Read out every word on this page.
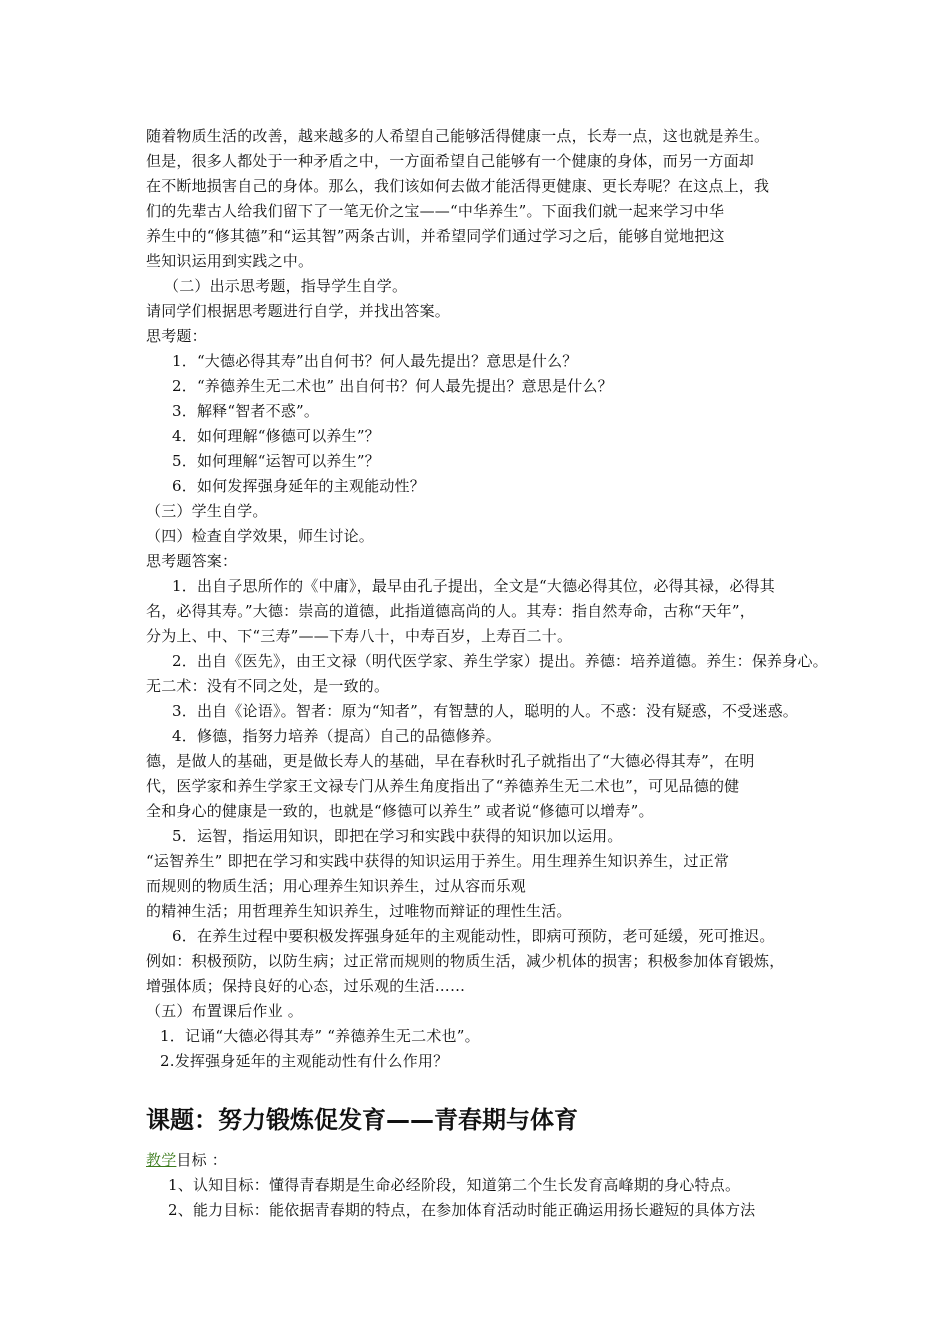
随着物质生活的改善，越来越多的人希望自己能够活得健康一点，长寿一点，这也就是养生。
但是，很多人都处于一种矛盾之中，一方面希望自己能够有一个健康的身体，而另一方面却
在不断地损害自己的身体。那么，我们该如何去做才能活得更健康、更长寿呢？在这点上，我
们的先辈古人给我们留下了一笔无价之宝——“中华养生”。下面我们就一起来学习中华
养生中的“修其德”和“运其智”两条古训，并希望同学们通过学习之后，能够自觉地把这
些知识运用到实践之中。
（二）出示思考题，指导学生自学。
请同学们根据思考题进行自学，并找出答案。
思考题：
1．“大德必得其寿”出自何书？何人最先提出？意思是什么？
2．“养德养生无二术也” 出自何书？何人最先提出？意思是什么？
3．解释“智者不惑”。
4．如何理解“修德可以养生”？
5．如何理解“运智可以养生”？
6．如何发挥强身延年的主观能动性？
（三）学生自学。
（四）检查自学效果，师生讨论。
思考题答案：
1．出自子思所作的《中庸》，最早由孔子提出，全文是“大德必得其位，必得其禄，必得其
名，必得其寿。”大德：崇高的道德，此指道德高尚的人。其寿：指自然寿命，古称“天年”，
分为上、中、下“三寿”——下寿八十，中寿百岁，上寿百二十。
2．出自《医先》，由王文禄（明代医学家、养生学家）提出。养德：培养道德。养生：保养身心。
无二术：没有不同之处，是一致的。
3．出自《论语》。智者：原为“知者”，有智慧的人，聪明的人。不惑：没有疑惑，不受迷惑。
4．修德，指努力培养（提高）自己的品德修养。
德，是做人的基础，更是做长寿人的基础，早在春秋时孔子就指出了“大德必得其寿”，在明
代，医学家和养生学家王文禄专门从养生角度指出了“养德养生无二术也”，可见品德的健
全和身心的健康是一致的，也就是“修德可以养生” 或者说“修德可以增寿”。
5．运智，指运用知识，即把在学习和实践中获得的知识加以运用。
“运智养生” 即把在学习和实践中获得的知识运用于养生。用生理养生知识养生，过正常
而规则的物质生活；用心理养生知识养生，过从容而乐观
的精神生活；用哲理养生知识养生，过唯物而辩证的理性生活。
6．在养生过程中要积极发挥强身延年的主观能动性，即病可预防，老可延缓，死可推迟。
例如：积极预防，以防生病；过正常而规则的物质生活，减少机体的损害；积极参加体育锻炼，
增强体质；保持良好的心态，过乐观的生活……
（五）布置课后作业 。
1．记诵“大德必得其寿” “养德养生无二术也”。
2.发挥强身延年的主观能动性有什么作用？
课题：努力锻炼促发育——青春期与体育
教学目标 ：
1、认知目标：懂得青春期是生命必经阶段，知道第二个生长发育高峰期的身心特点。
2、能力目标：能依据青春期的特点，在参加体育活动时能正确运用扬长避短的具体方法
